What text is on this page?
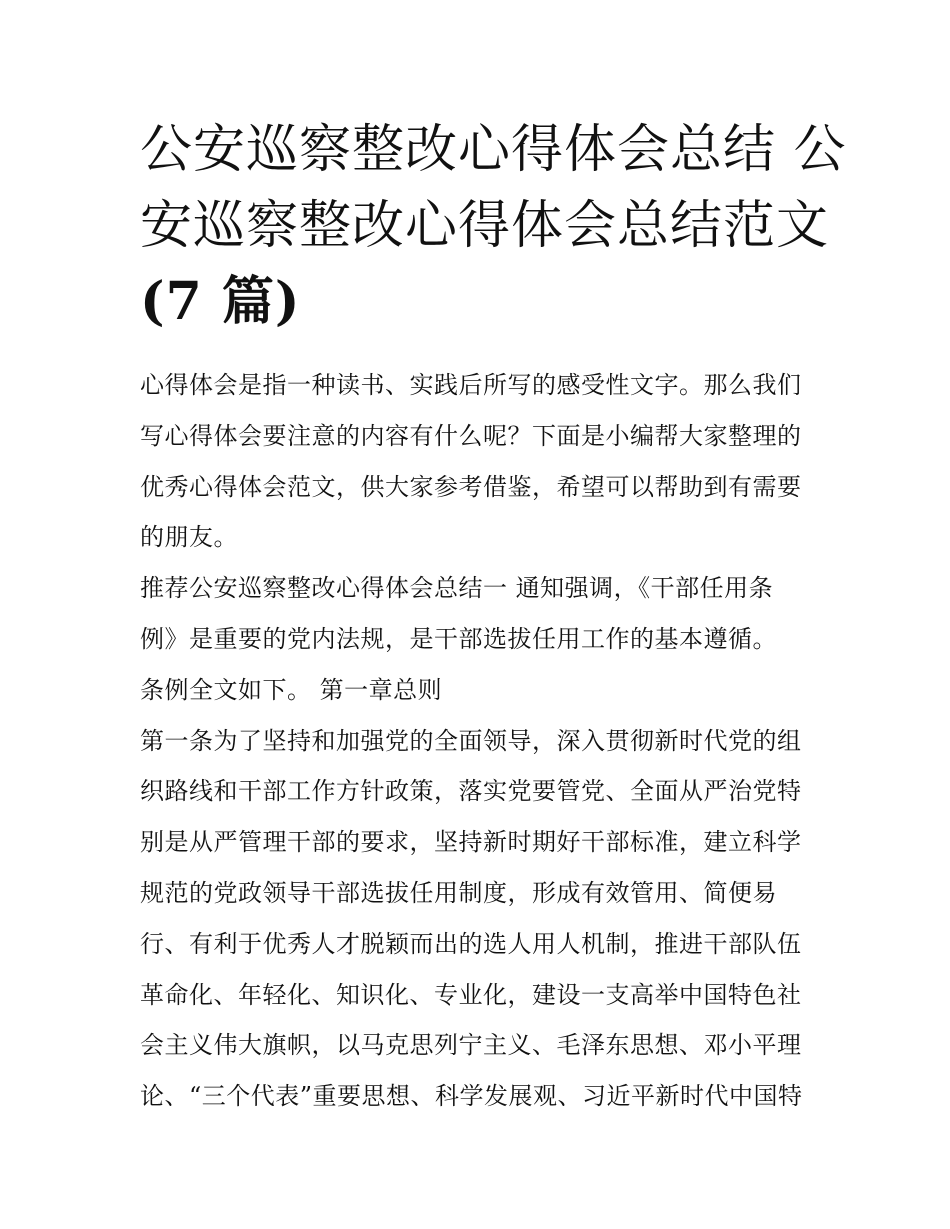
公安巡察整改心得体会总结 公
安巡察整改心得体会总结范文
(7 篇)
心得体会是指一种读书、实践后所写的感受性文字。那么我们
写心得体会要注意的内容有什么呢？下面是小编帮大家整理的
优秀心得体会范文，供大家参考借鉴，希望可以帮助到有需要
的朋友。
推荐公安巡察整改心得体会总结一 通知强调，《干部任用条
例》是重要的党内法规，是干部选拔任用工作的基本遵循。
条例全文如下。 第一章总则
第一条为了坚持和加强党的全面领导，深入贯彻新时代党的组
织路线和干部工作方针政策，落实党要管党、全面从严治党特
别是从严管理干部的要求，坚持新时期好干部标准，建立科学
规范的党政领导干部选拔任用制度，形成有效管用、简便易
行、有利于优秀人才脱颖而出的选人用人机制，推进干部队伍
革命化、年轻化、知识化、专业化，建设一支高举中国特色社
会主义伟大旗帜，以马克思列宁主义、毛泽东思想、邓小平理
论、“三个代表”重要思想、科学发展观、习近平新时代中国特
